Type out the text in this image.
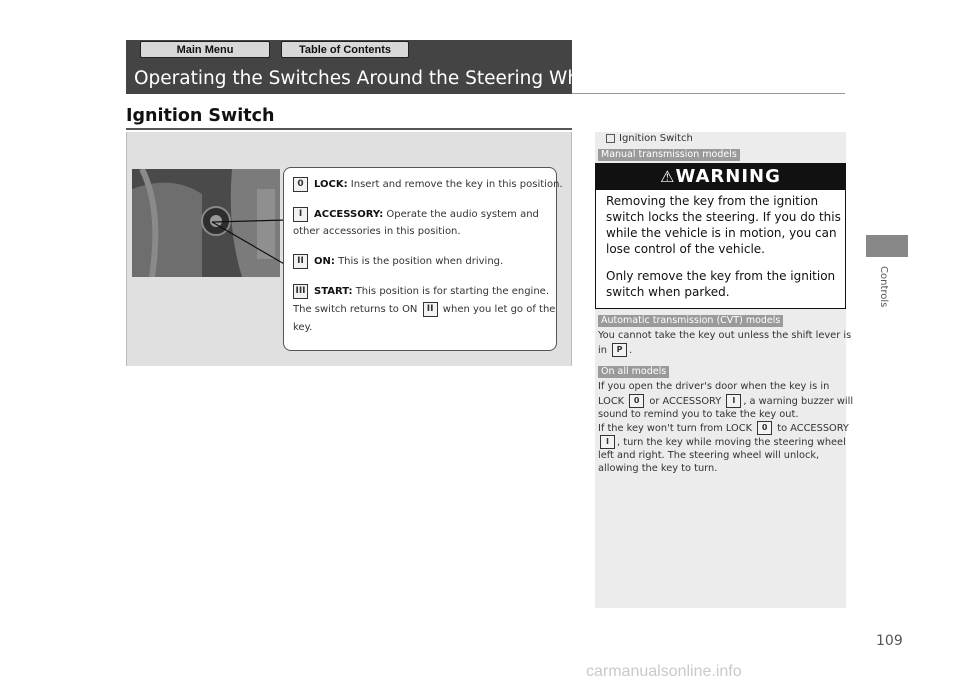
Main Menu	Table of Contents
Operating the Switches Around the Steering Wheel
Ignition Switch
0 LOCK: Insert and remove the key in this position.
I ACCESSORY: Operate the audio system and
other accessories in this position.
II ON: This is the position when driving.
III START: This position is for starting the engine.
The switch returns to ON II when you let go of the
key.
Ignition Switch
Manual transmission models
⚠WARNING
Removing the key from the ignition
switch locks the steering. If you do this
while the vehicle is in motion, you can
lose control of the vehicle.
Only remove the key from the ignition
switch when parked.
Automatic transmission (CVT) models
You cannot take the key out unless the shift lever is
in P .
On all models
If you open the driver's door when the key is in
LOCK 0 or ACCESSORY I , a warning buzzer will
sound to remind you to take the key out.
If the key won't turn from LOCK 0 to ACCESSORY
I , turn the key while moving the steering wheel
left and right. The steering wheel will unlock,
allowing the key to turn.
Controls
109
carmanualsonline.info
